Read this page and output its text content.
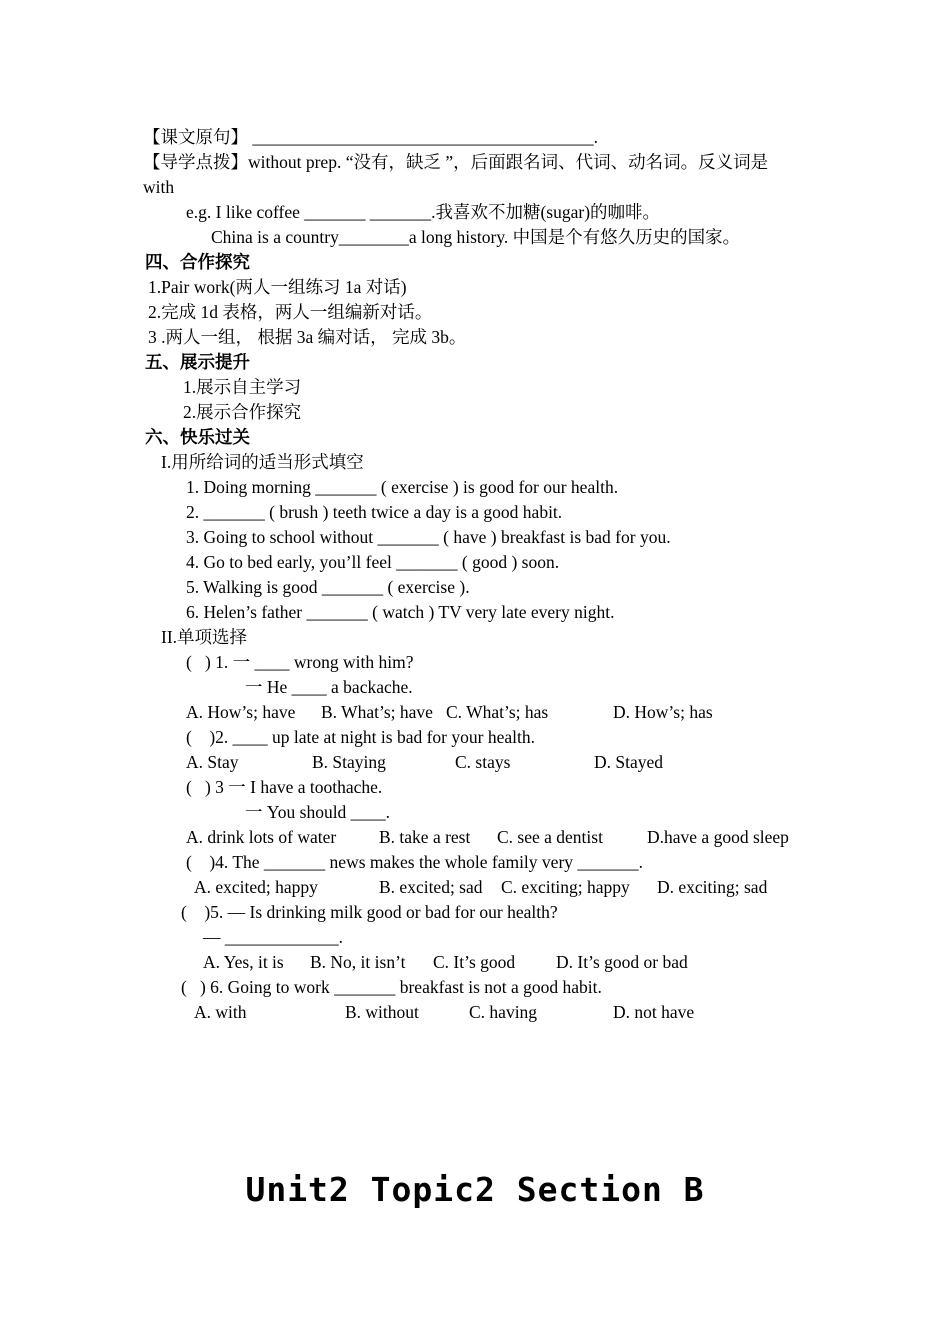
【课文原句】 _______________________________________.
【导学点拨】without prep. “没有，缺乏 ”，后面跟名词、代词、动名词。反义词是
with
e.g. I like coffee _______ _______.我喜欢不加糖(sugar)的咖啡。
China is a country________a long history. 中国是个有悠久历史的国家。
四、合作探究
1.Pair work(两人一组练习 1a 对话)
2.完成 1d 表格，两人一组编新对话。
3 .两人一组， 根据 3a 编对话， 完成 3b。
五、展示提升
1.展示自主学习
2.展示合作探究
六、快乐过关
I.用所给词的适当形式填空
1. Doing morning _______ ( exercise ) is good for our health.
2. _______ ( brush ) teeth twice a day is a good habit.
3. Going to school without _______ ( have ) breakfast is bad for you.
4. Go to bed early, you’ll feel _______ ( good ) soon.
5. Walking is good _______ ( exercise ).
6. Helen’s father _______ ( watch ) TV very late every night.
II.单项选择
(   ) 1. 一 ____ wrong with him?
一 He ____ a backache.
A. How’s; have B. What’s; have C. What’s; has	D. How’s; has
(    )2. ____ up late at night is bad for your health.
A. Stay	B. Staying	C. stays	D. Stayed
(   ) 3 一 I have a toothache.
一 You should ____.
A. drink lots of water B. take a rest C. see a dentist	D.have a good sleep
(    )4. The _______ news makes the whole family very _______.
A. excited; happy	B. excited; sad C. exciting; happy D. exciting; sad
(    )5. — Is drinking milk good or bad for our health?
— _____________.
A. Yes, it is B. No, it isn’t C. It’s good D. It’s good or bad
(   ) 6. Going to work _______ breakfast is not a good habit.
A. with	B. without	C. having	D. not have
Unit2 Topic2 Section B
